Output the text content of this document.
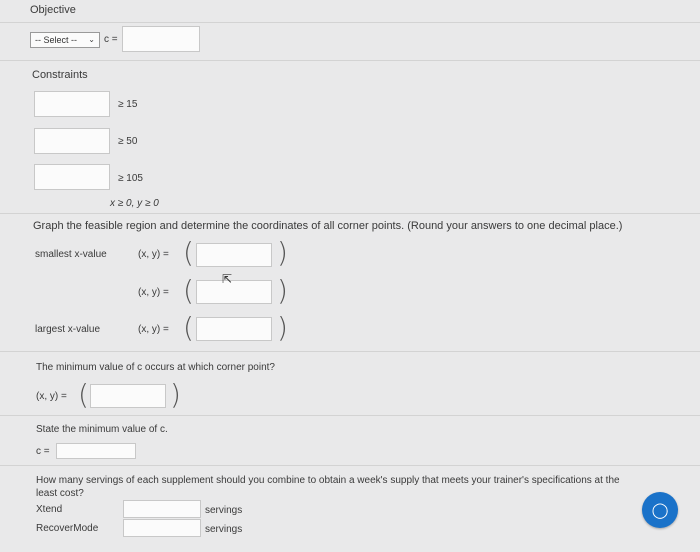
Objective
-- Select -- ⌄ c =
Constraints
≥ 15
≥ 50
≥ 105
x ≥ 0, y ≥ 0
Graph the feasible region and determine the coordinates of all corner points. (Round your answers to one decimal place.)
smallest x-value	(x, y) = (	)
(x, y) = (	)
⇱
largest x-value	(x, y) = (	)
The minimum value of c occurs at which corner point?
(x, y) = (	)
State the minimum value of c.
c =
How many servings of each supplement should you combine to obtain a week's supply that meets your trainer's specifications at the least cost?
Xtend	servings
RecoverMode	servings
◯
